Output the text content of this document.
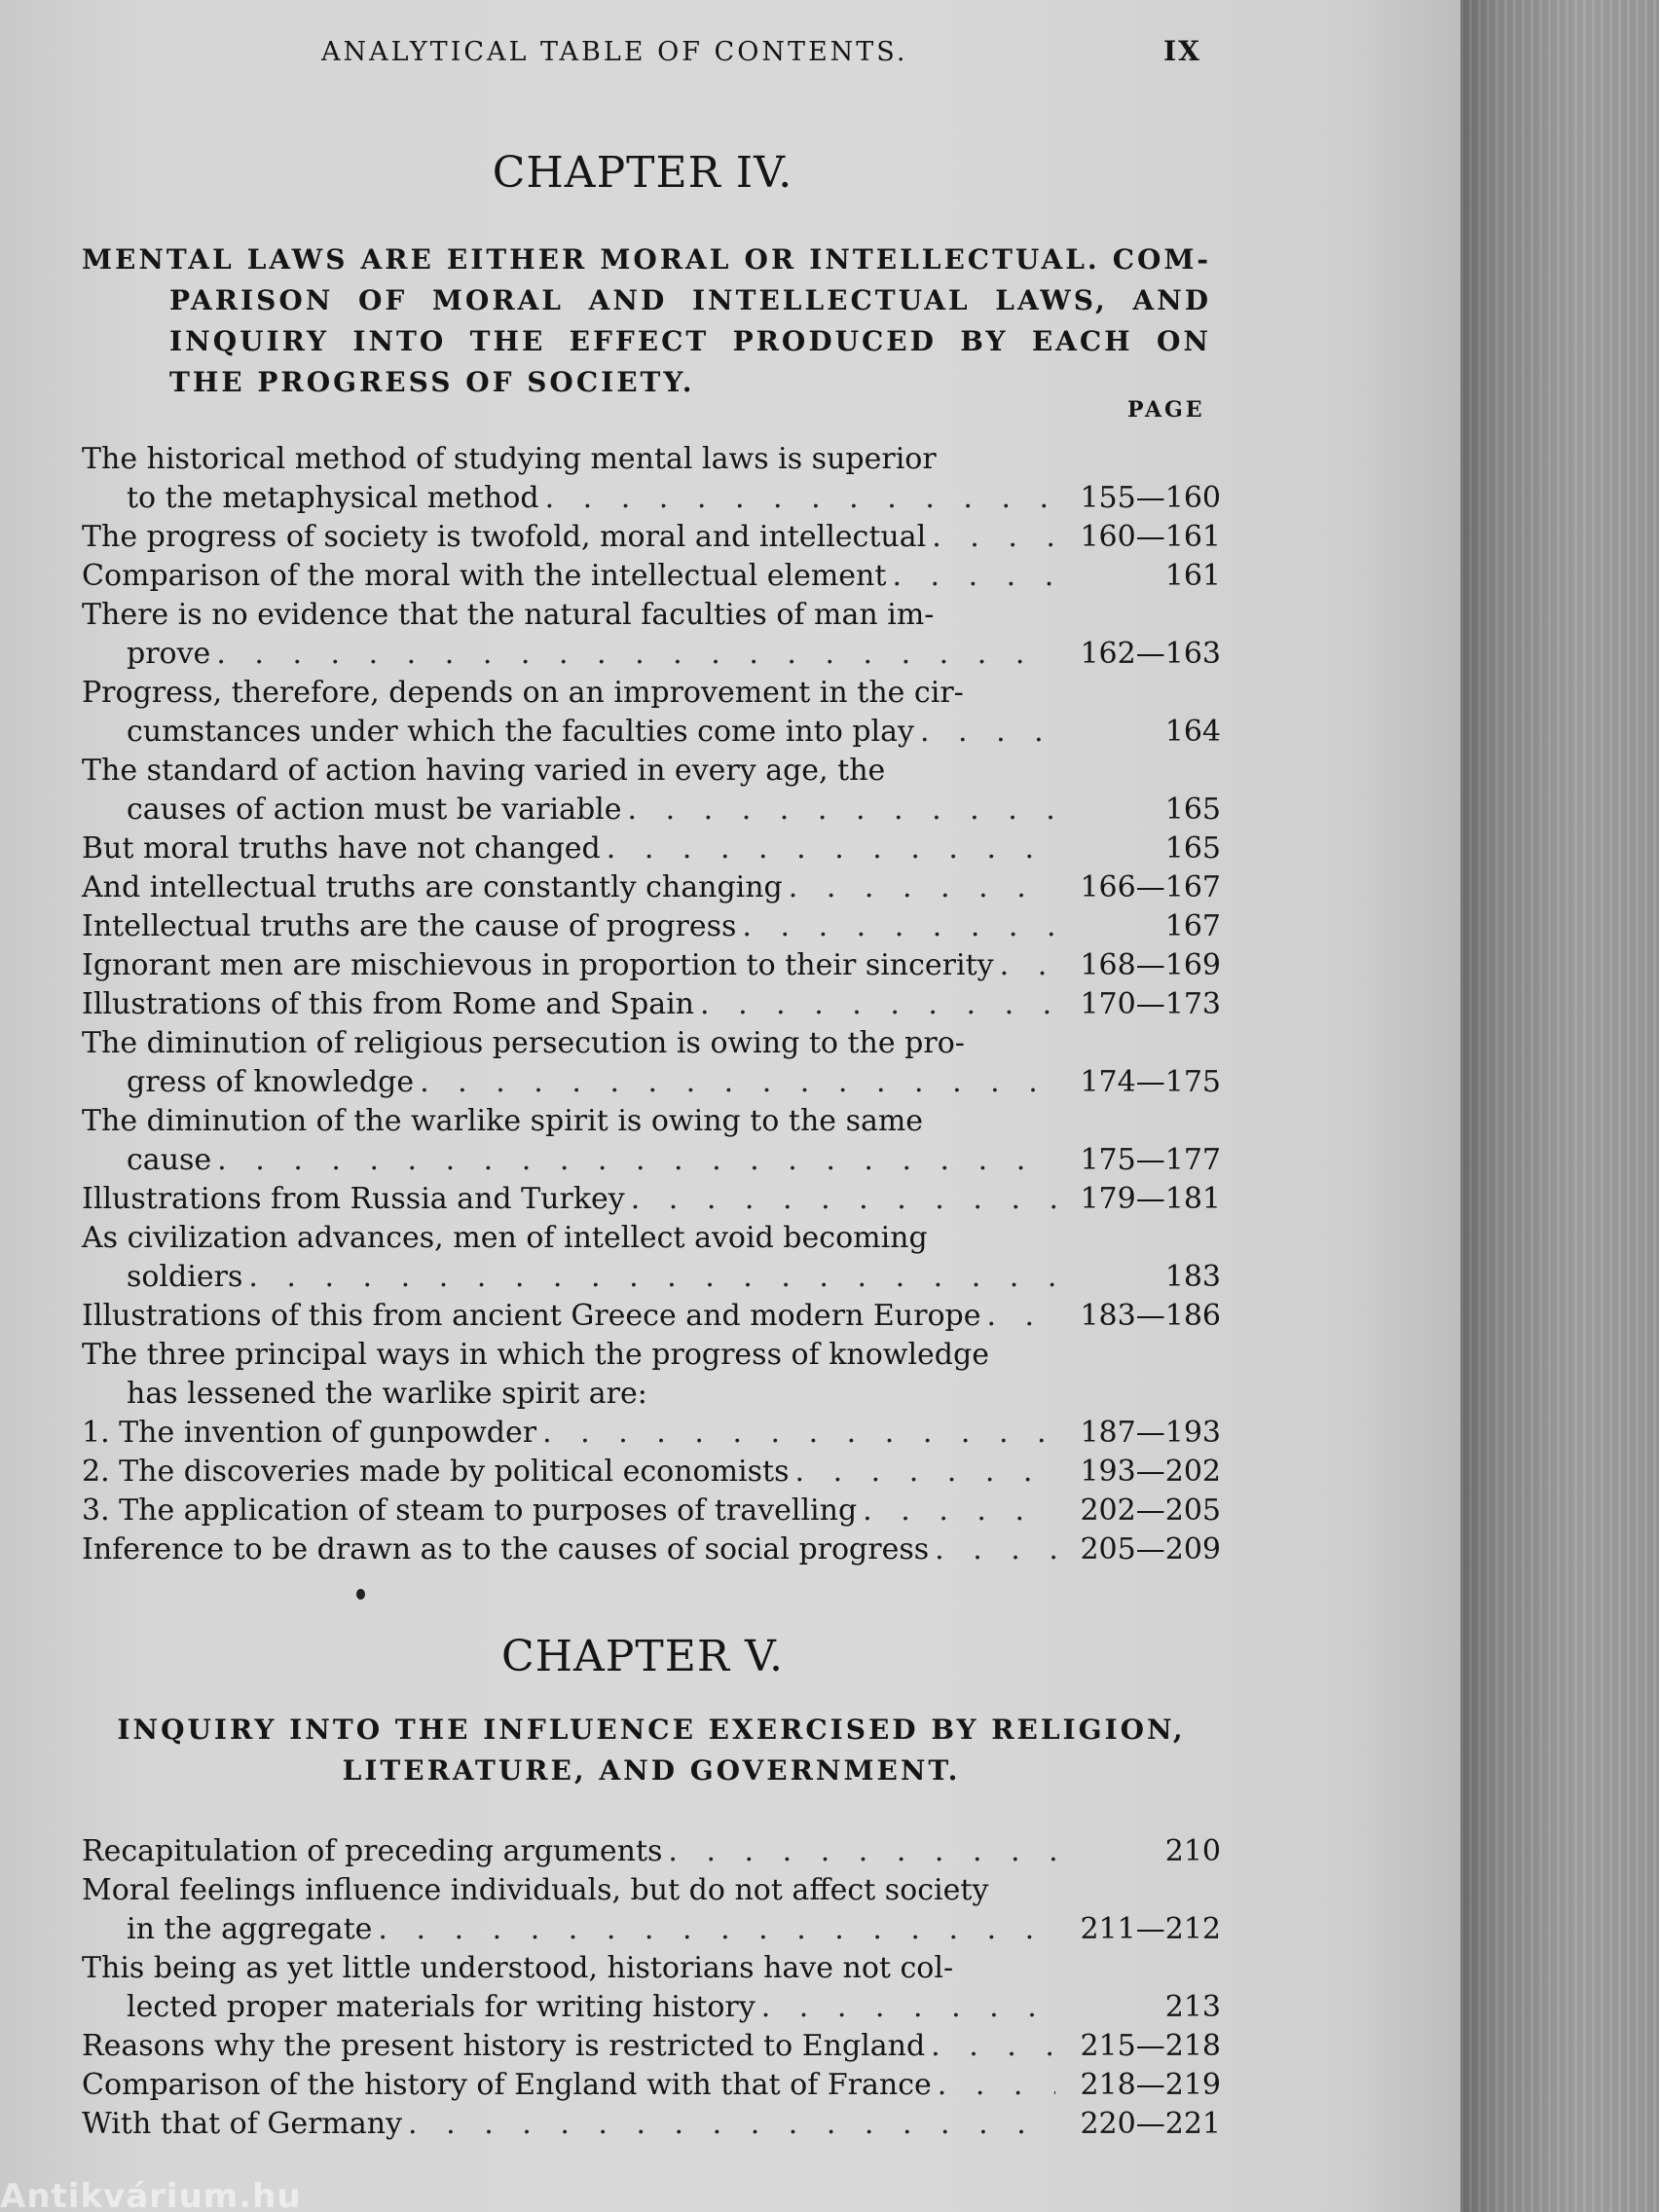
ANALYTICAL TABLE OF CONTENTS.	IX
CHAPTER IV.
MENTAL LAWS ARE EITHER MORAL OR INTELLECTUAL. COM-
PARISON OF MORAL AND INTELLECTUAL LAWS, AND
INQUIRY INTO THE EFFECT PRODUCED BY EACH ON
THE PROGRESS OF SOCIETY.
PAGE
The historical method of studying mental laws is superior
to the metaphysical method . . .	155—160
The progress of society is twofold, moral and intellectual . . .	160—161
Comparison of the moral with the intellectual element . . .	161
There is no evidence that the natural faculties of man im-
prove . . .	162—163
Progress, therefore, depends on an improvement in the cir-
cumstances under which the faculties come into play . . .	164
The standard of action having varied in every age, the
causes of action must be variable . . .	165
But moral truths have not changed . . .	165
And intellectual truths are constantly changing . . .	166—167
Intellectual truths are the cause of progress . . .	167
Ignorant men are mischievous in proportion to their sincerity . . .	168—169
Illustrations of this from Rome and Spain . . .	170—173
The diminution of religious persecution is owing to the pro-
gress of knowledge . . .	174—175
The diminution of the warlike spirit is owing to the same
cause . . .	175—177
Illustrations from Russia and Turkey . . .	179—181
As civilization advances, men of intellect avoid becoming
soldiers . . .	183
Illustrations of this from ancient Greece and modern Europe . . .	183—186
The three principal ways in which the progress of knowledge
has lessened the warlike spirit are:
1. The invention of gunpowder . . .	187—193
2. The discoveries made by political economists . . .	193—202
3. The application of steam to purposes of travelling . . .	202—205
Inference to be drawn as to the causes of social progress . . .	205—209
CHAPTER V.
INQUIRY INTO THE INFLUENCE EXERCISED BY RELIGION,
LITERATURE, AND GOVERNMENT.
Recapitulation of preceding arguments . . .	210
Moral feelings influence individuals, but do not affect society
in the aggregate . . .	211—212
This being as yet little understood, historians have not col-
lected proper materials for writing history . . .	213
Reasons why the present history is restricted to England . . .	215—218
Comparison of the history of England with that of France . . .	218—219
With that of Germany . . .	220—221
Antikvárium.hu
